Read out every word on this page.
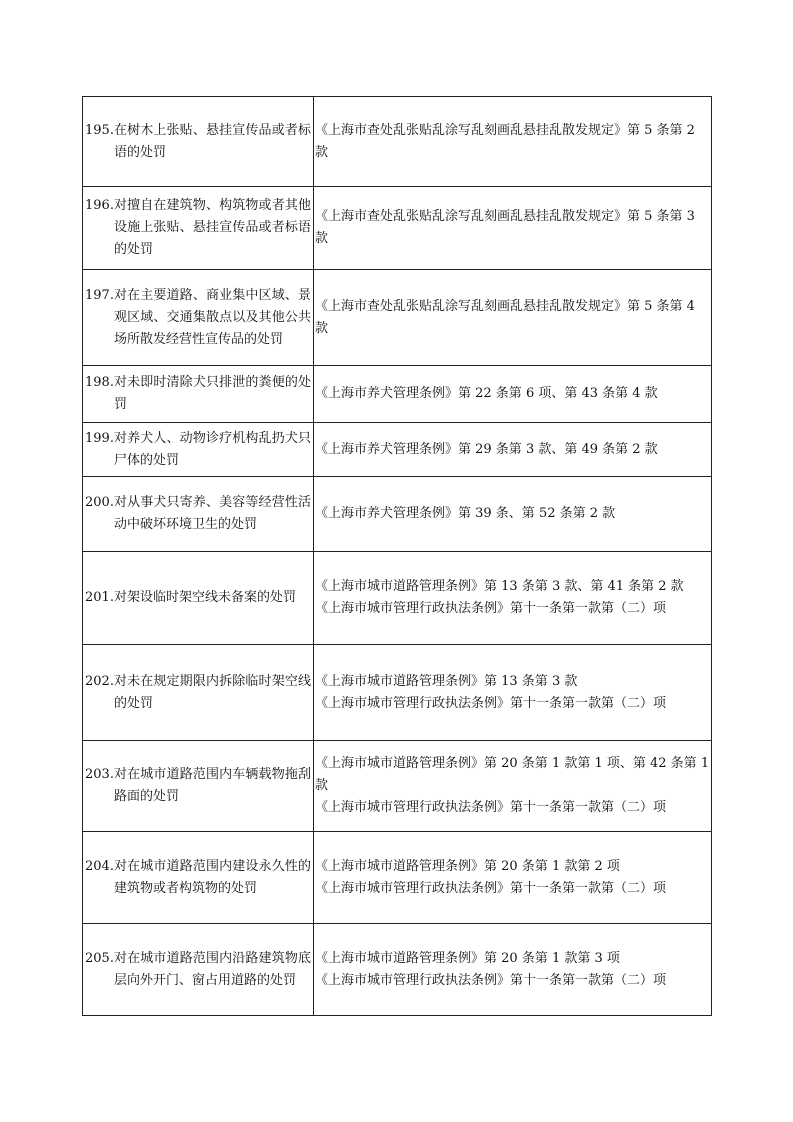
195. 在树木上张贴、悬挂宣传品或者标语的处罚	《上海市查处乱张贴乱涂写乱刻画乱悬挂乱散发规定》第 5 条第 2 款

196. 对擅自在建筑物、构筑物或者其他设施上张贴、悬挂宣传品或者标语的处罚	《上海市查处乱张贴乱涂写乱刻画乱悬挂乱散发规定》第 5 条第 3 款

197. 对在主要道路、商业集中区域、景观区域、交通集散点以及其他公共场所散发经营性宣传品的处罚	《上海市查处乱张贴乱涂写乱刻画乱悬挂乱散发规定》第 5 条第 4 款

198. 对未即时清除犬只排泄的粪便的处罚	《上海市养犬管理条例》第 22 条第 6 项、第 43 条第 4 款

199. 对养犬人、动物诊疗机构乱扔犬只尸体的处罚	《上海市养犬管理条例》第 29 条第 3 款、第 49 条第 2 款

200. 对从事犬只寄养、美容等经营性活动中破坏环境卫生的处罚	《上海市养犬管理条例》第 39 条、第 52 条第 2 款

201. 对架设临时架空线未备案的处罚	《上海市城市道路管理条例》第 13 条第 3 款、第 41 条第 2 款
《上海市城市管理行政执法条例》第十一条第一款第（二）项

202. 对未在规定期限内拆除临时架空线的处罚	《上海市城市道路管理条例》第 13 条第 3 款
《上海市城市管理行政执法条例》第十一条第一款第（二）项

203. 对在城市道路范围内车辆载物拖刮路面的处罚	《上海市城市道路管理条例》第 20 条第 1 款第 1 项、第 42 条第 1 款
《上海市城市管理行政执法条例》第十一条第一款第（二）项

204. 对在城市道路范围内建设永久性的建筑物或者构筑物的处罚	《上海市城市道路管理条例》第 20 条第 1 款第 2 项
《上海市城市管理行政执法条例》第十一条第一款第（二）项

205. 对在城市道路范围内沿路建筑物底层向外开门、窗占用道路的处罚	《上海市城市道路管理条例》第 20 条第 1 款第 3 项
《上海市城市管理行政执法条例》第十一条第一款第（二）项
